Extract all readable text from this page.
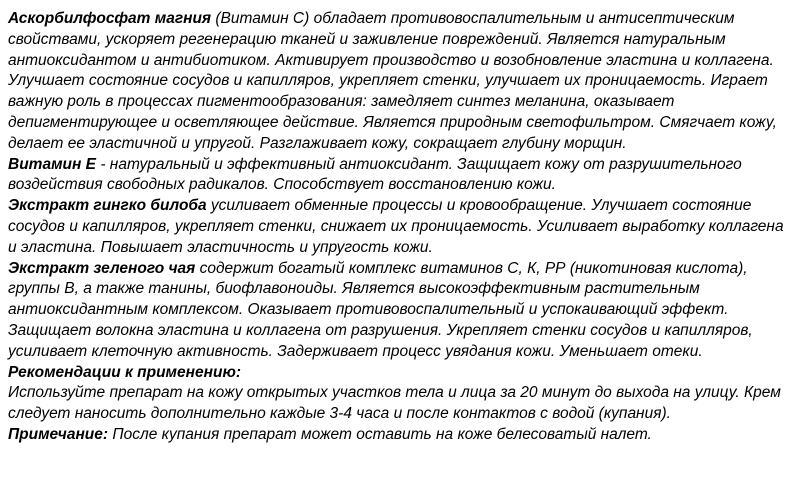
Аскорбилфосфат магния (Витамин С) обладает противовоспалительным и антисептическим свойствами, ускоряет регенерацию тканей и заживление повреждений. Является натуральным антиоксидантом и антибиотиком. Активирует производство и возобновление эластина и коллагена. Улучшает состояние сосудов и капилляров, укрепляет стенки, улучшает их проницаемость. Играет важную роль в процессах пигментообразования: замедляет синтез меланина, оказывает депигментирующее и осветляющее действие. Является природным светофильтром. Смягчает кожу, делает ее эластичной и упругой. Разглаживает кожу, сокращает глубину морщин.

Витамин Е - натуральный и эффективный антиоксидант. Защищает кожу от разрушительного воздействия свободных радикалов. Способствует восстановлению кожи.

Экстракт гингко билоба усиливает обменные процессы и кровообращение. Улучшает состояние сосудов и капилляров, укрепляет стенки, снижает их проницаемость. Усиливает выработку коллагена и эластина. Повышает эластичность и упругость кожи.

Экстракт зеленого чая содержит богатый комплекс витаминов С, К, РР (никотиновая кислота), группы В, а также танины, биофлавоноиды. Является высокоэффективным растительным антиоксидантным комплексом. Оказывает противовоспалительный и успокаивающий эффект. Защищает волокна эластина и коллагена от разрушения. Укрепляет стенки сосудов и капилляров, усиливает клеточную активность. Задерживает процесс увядания кожи. Уменьшает отеки.

Рекомендации к применению:

Используйте препарат на кожу открытых участков тела и лица за 20 минут до выхода на улицу. Крем следует наносить дополнительно каждые 3-4 часа и после контактов с водой (купания).

Примечание: После купания препарат может оставить на коже белесоватый налет.
